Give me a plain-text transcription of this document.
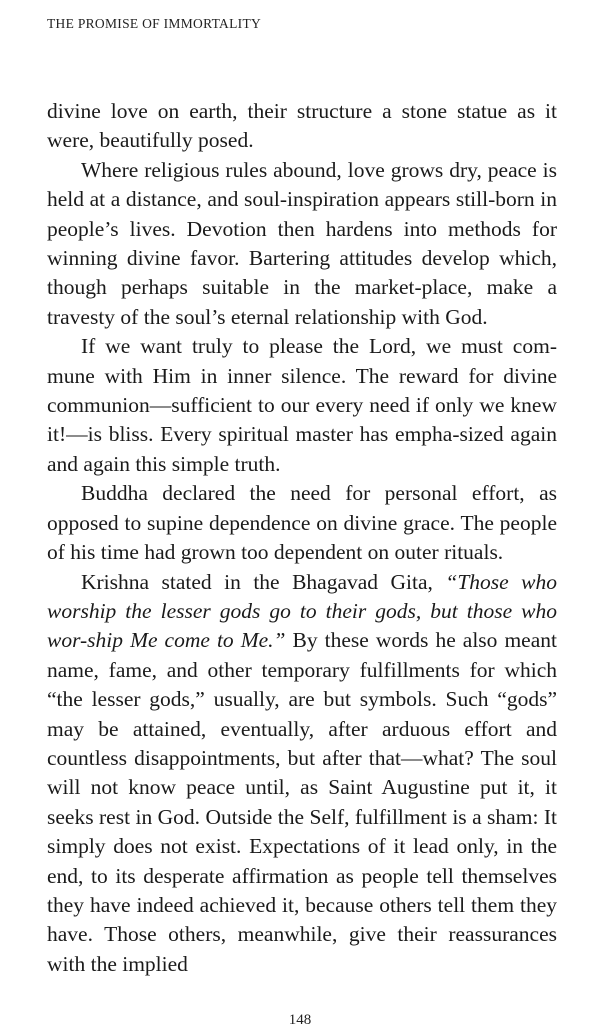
THE PROMISE OF IMMORTALITY

divine love on earth, their structure a stone statue as it were, beautifully posed.

Where religious rules abound, love grows dry, peace is held at a distance, and soul-inspiration appears still-born in people’s lives. Devotion then hardens into methods for winning divine favor. Bartering attitudes develop which, though perhaps suitable in the market-place, make a travesty of the soul’s eternal relationship with God.

If we want truly to please the Lord, we must com-mune with Him in inner silence. The reward for divine communion—sufficient to our every need if only we knew it!—is bliss. Every spiritual master has empha-sized again and again this simple truth.

Buddha declared the need for personal effort, as opposed to supine dependence on divine grace. The people of his time had grown too dependent on outer rituals.

Krishna stated in the Bhagavad Gita, “Those who worship the lesser gods go to their gods, but those who wor-ship Me come to Me.” By these words he also meant name, fame, and other temporary fulfillments for which “the lesser gods,” usually, are but symbols. Such “gods” may be attained, eventually, after arduous effort and countless disappointments, but after that—what? The soul will not know peace until, as Saint Augustine put it, it seeks rest in God. Outside the Self, fulfillment is a sham: It simply does not exist. Expectations of it lead only, in the end, to its desperate affirmation as people tell themselves they have indeed achieved it, because others tell them they have. Those others, meanwhile, give their reassurances with the implied

148
